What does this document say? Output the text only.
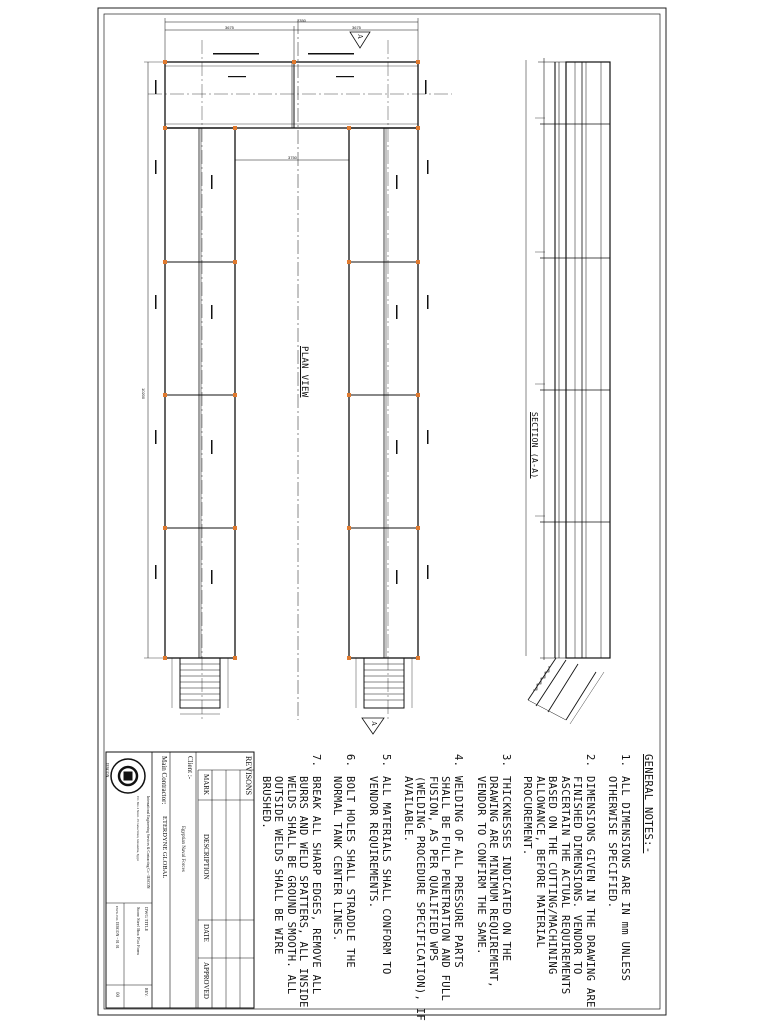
GENERAL NOTES:-
1.ALL DIMENSIONS ARE IN mm UNLESS
OTHERWISE SPECIFIED.
2.DIMENSIONS GIVEN IN THE DRAWING ARE
FINISHED DIMENSIONS. VENDOR TO
ASCERTAIN THE ACTUAL REQUIREMENTS
BASED ON THE CUTTING/MACHINING
ALLOWANCE, BEFORE MATERIAL
PROCUREMENT.
3.THICKNESSES INDICATED ON THE
DRAWING ARE MINIMUM REQUIREMENT,
VENDOR TO CONFIRM THE SAME.
4.WELDING OF ALL PRESSURE PARTS
SHALL BE FULL PENETRATION AND FULL
FUSION, AS PER QUALIFIED WPS
(WELDING PROCEDURE SPECIFICATION), IF
AVAILABLE.
5.ALL MATERIALS SHALL CONFORM TO
VENDOR REQUIREMENTS.
6.BOLT HOLES SHALL STRADDLE THE
NORMAL TANK CENTER LINES.
7.BREAK ALL SHARP EDGES, REMOVE ALL
BURRS AND WELD SPATTERS, ALL INSIDE
WELDS SHALL BE GROUND SMOOTH. ALL
OUTSIDE WELDS SHALL BE WIRE
BRUSHED.
PLAN VIEW
SECTION (A-A)
A
A
7350
3675	3675
3750
10200
REVISONS
MARK
DESCRIPTION
DATE
APPROVED
Client :-
Egyptian Naval Forces
Main Contractor:
ETERDYNE GLOBAL
International Engineering Services & Contracting Co - IESCON
P.O. Box 4 Street - El Galaa Street, Alexandria, Egypt
IESCON
DWG TITLE
Scow Steel Box Plat Form
DWG NO.
IESCON - 01 01
REV.
00
